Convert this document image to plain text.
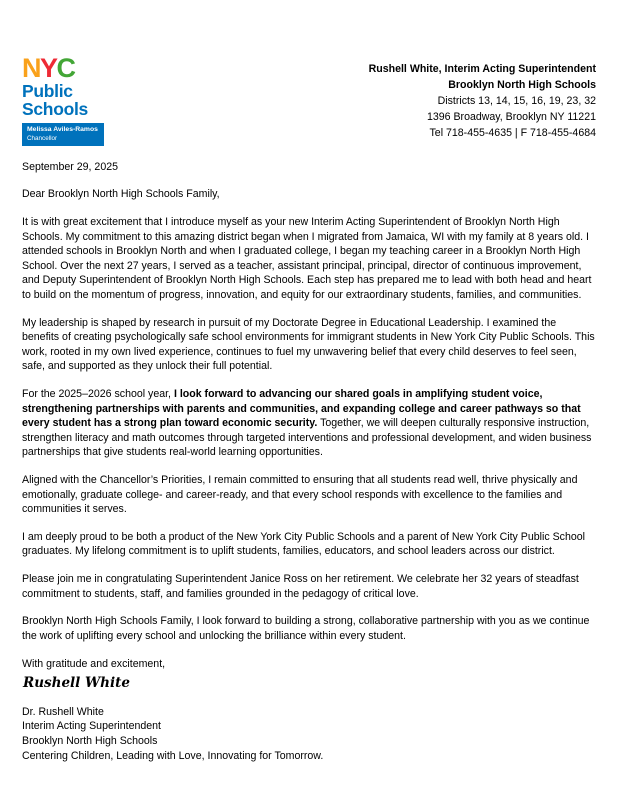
NYC
Public
Schools
Melissa Aviles-Ramos
Chancellor
Rushell White, Interim Acting Superintendent
Brooklyn North High Schools
Districts 13, 14, 15, 16, 19, 23, 32
1396 Broadway, Brooklyn NY 11221
Tel 718-455-4635 | F 718-455-4684

September 29, 2025

Dear Brooklyn North High Schools Family,

It is with great excitement that I introduce myself as your new Interim Acting Superintendent of Brooklyn North High Schools. My commitment to this amazing district began when I migrated from Jamaica, WI with my family at 8 years old. I attended schools in Brooklyn North and when I graduated college, I began my teaching career in a Brooklyn North High School. Over the next 27 years, I served as a teacher, assistant principal, principal, director of continuous improvement, and Deputy Superintendent of Brooklyn North High Schools. Each step has prepared me to lead with both head and heart to build on the momentum of progress, innovation, and equity for our extraordinary students, families, and communities.

My leadership is shaped by research in pursuit of my Doctorate Degree in Educational Leadership. I examined the benefits of creating psychologically safe school environments for immigrant students in New York City Public Schools. This work, rooted in my own lived experience, continues to fuel my unwavering belief that every child deserves to feel seen, safe, and supported as they unlock their full potential.

For the 2025–2026 school year, I look forward to advancing our shared goals in amplifying student voice, strengthening partnerships with parents and communities, and expanding college and career pathways so that every student has a strong plan toward economic security. Together, we will deepen culturally responsive instruction, strengthen literacy and math outcomes through targeted interventions and professional development, and widen business partnerships that give students real-world learning opportunities.

Aligned with the Chancellor’s Priorities, I remain committed to ensuring that all students read well, thrive physically and emotionally, graduate college- and career-ready, and that every school responds with excellence to the families and communities it serves.

I am deeply proud to be both a product of the New York City Public Schools and a parent of New York City Public School graduates. My lifelong commitment is to uplift students, families, educators, and school leaders across our district.

Please join me in congratulating Superintendent Janice Ross on her retirement. We celebrate her 32 years of steadfast commitment to students, staff, and families grounded in the pedagogy of critical love.

Brooklyn North High Schools Family, I look forward to building a strong, collaborative partnership with you as we continue the work of uplifting every school and unlocking the brilliance within every student.

With gratitude and excitement,

Rushell White
Dr. Rushell White
Interim Acting Superintendent
Brooklyn North High Schools
Centering Children, Leading with Love, Innovating for Tomorrow.
